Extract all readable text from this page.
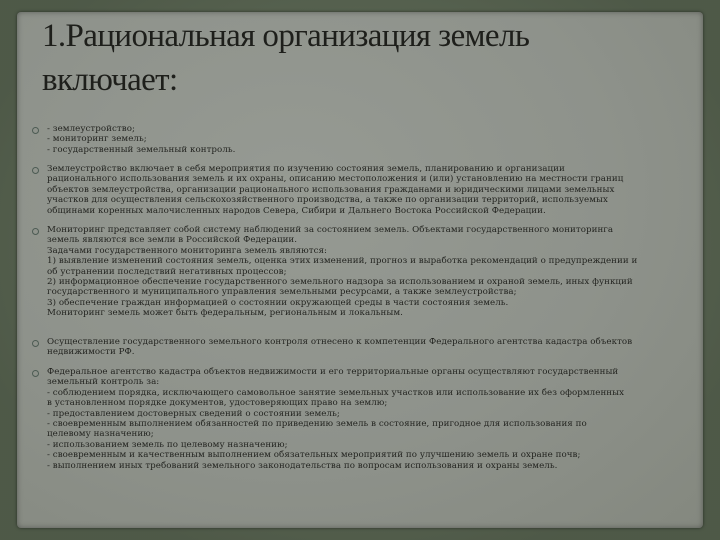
1.Рациональная организация земель
включает:
- землеустройство;
- мониторинг земель;
- государственный земельный контроль.
Землеустройство включает в себя мероприятия по изучению состояния земель, планированию и организации
рационального использования земель и их охраны, описанию местоположения и (или) установлению на местности границ
объектов землеустройства, организации рационального использования гражданами и юридическими лицами земельных
участков для осуществления сельскохозяйственного производства, а также по организации территорий, используемых
общинами коренных малочисленных народов Севера, Сибири и Дальнего Востока Российской Федерации.
Мониторинг представляет собой систему наблюдений за состоянием земель. Объектами государственного мониторинга
земель являются все земли в Российской Федерации.
Задачами государственного мониторинга земель являются:
1) выявление изменений состояния земель, оценка этих изменений, прогноз и выработка рекомендаций о предупреждении и
об устранении последствий негативных процессов;
2) информационное обеспечение государственного земельного надзора за использованием и охраной земель, иных функций
государственного и муниципального управления земельными ресурсами, а также землеустройства;
3) обеспечение граждан информацией о состоянии окружающей среды в части состояния земель.
Мониторинг земель может быть федеральным, региональным и локальным.
Осуществление государственного земельного контроля отнесено к компетенции Федерального агентства кадастра объектов
недвижимости РФ.
Федеральное агентство кадастра объектов недвижимости и его территориальные органы осуществляют государственный
земельный контроль за:
- соблюдением порядка, исключающего самовольное занятие земельных участков или использование их без оформленных
в установленном порядке документов, удостоверяющих право на землю;
- предоставлением достоверных сведений о состоянии земель;
- своевременным выполнением обязанностей по приведению земель в состояние, пригодное для использования по
целевому назначению;
- использованием земель по целевому назначению;
- своевременным и качественным выполнением обязательных мероприятий по улучшению земель и охране почв;
- выполнением иных требований земельного законодательства по вопросам использования и охраны земель.
